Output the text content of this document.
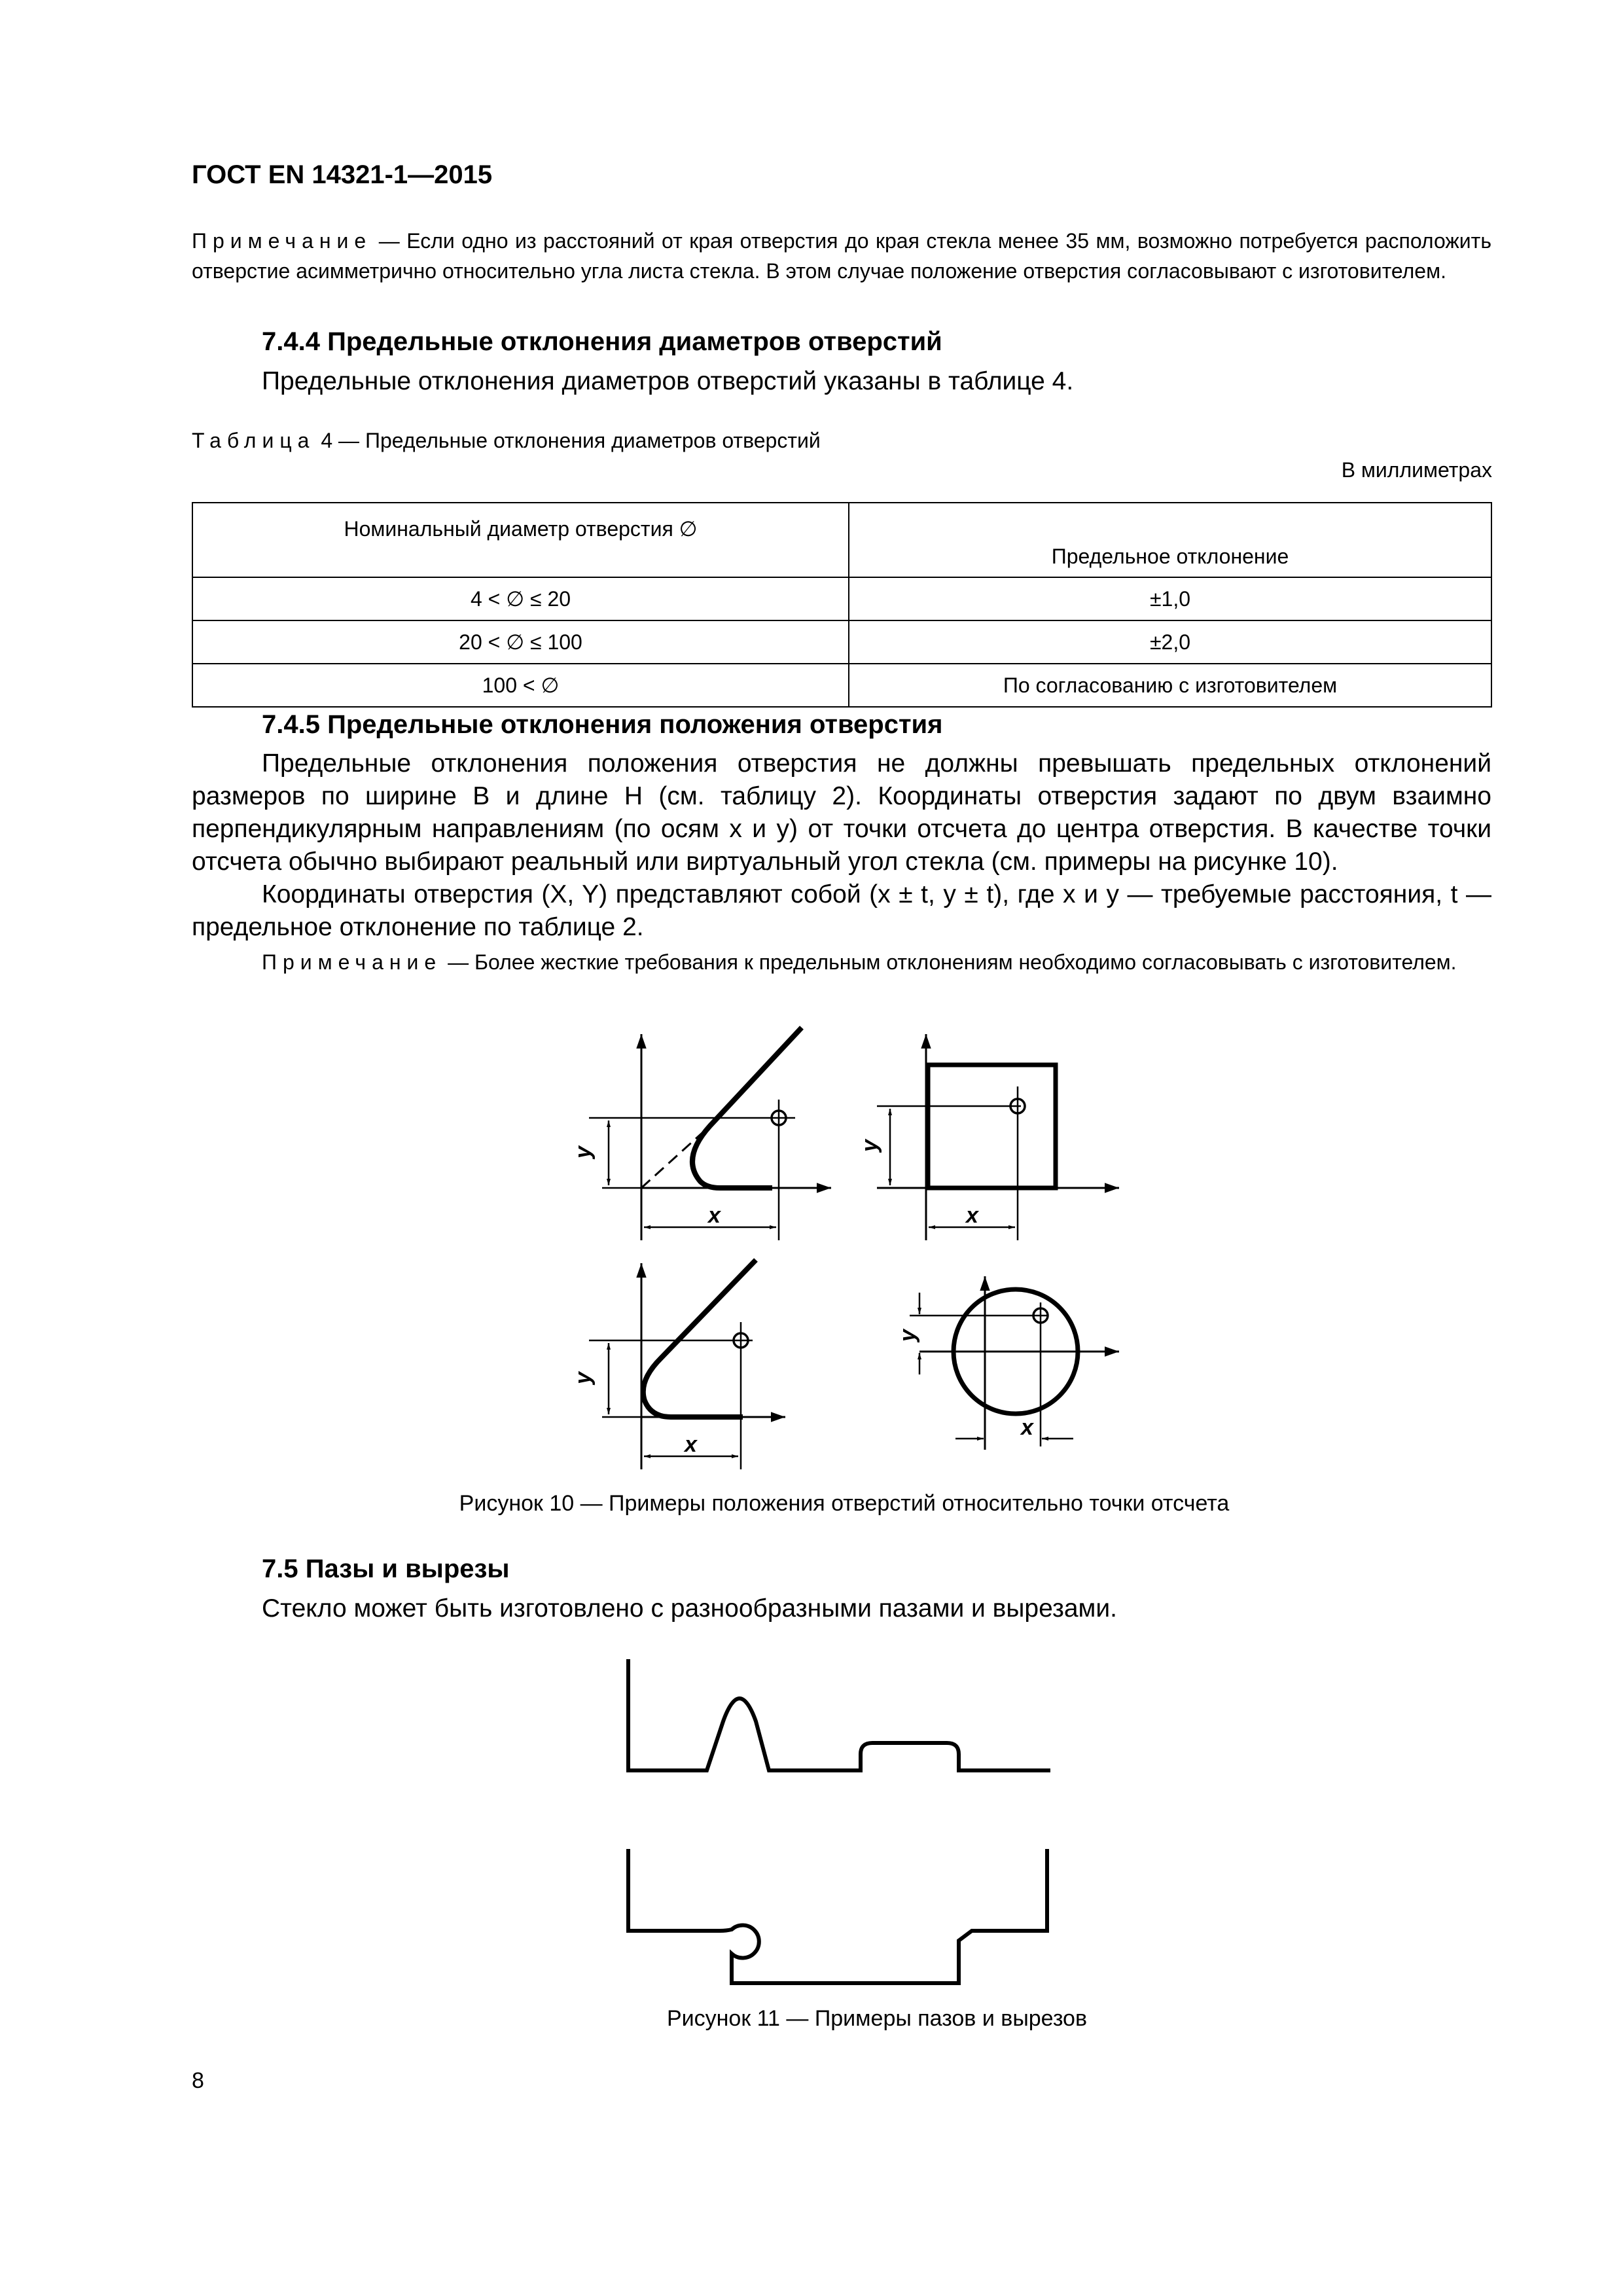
ГОСТ EN 14321-1—2015
Примечание — Если одно из расстояний от края отверстия до края стекла менее 35 мм, возможно потребуется расположить отверстие асимметрично относительно угла листа стекла. В этом случае положение отверстия согласовывают с изготовителем.
7.4.4 Предельные отклонения диаметров отверстий
Предельные отклонения диаметров отверстий указаны в таблице 4.
Таблица 4 — Предельные отклонения диаметров отверстий
В миллиметрах
Номинальный диаметр отверстия ∅	Предельное отклонение
4 < ∅ ≤ 20	±1,0
20 < ∅ ≤ 100	±2,0
100 < ∅	По согласованию с изготовителем
7.4.5 Предельные отклонения положения отверстия
Предельные отклонения положения отверстия не должны превышать предельных отклонений размеров по ширине B и длине H (см. таблицу 2). Координаты отверстия задают по двум взаимно перпендикулярным направлениям (по осям x и y) от точки отсчета до центра отверстия. В качестве точки отсчета обычно выбирают реальный или виртуальный угол стекла (см. примеры на рисунке 10).
Координаты отверстия (X, Y) представляют собой (x ± t, y ± t), где x и y — требуемые расстояния, t — предельное отклонение по таблице 2.
Примечание — Более жесткие требования к предельным отклонениям необходимо согласовывать с изготовителем.
x
y
x
y
x
y
x
y
Рисунок 10 — Примеры положения отверстий относительно точки отсчета
7.5 Пазы и вырезы
Стекло может быть изготовлено с разнообразными пазами и вырезами.
Рисунок 11 — Примеры пазов и вырезов
8
